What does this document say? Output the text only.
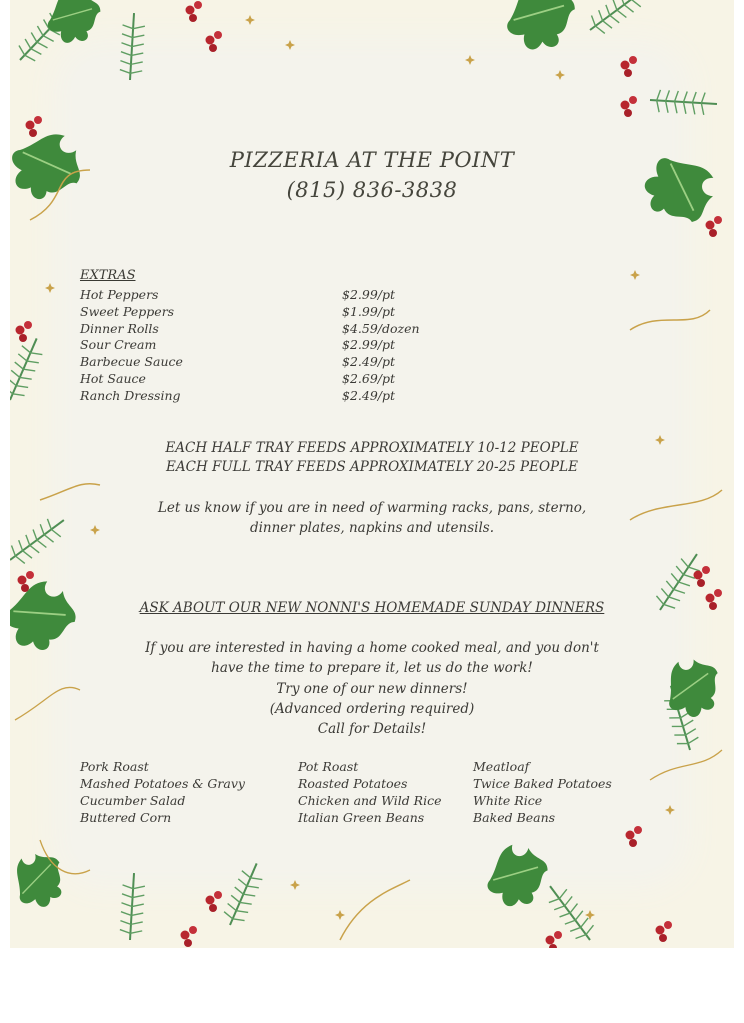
PIZZERIA AT THE POINT
(815) 836-3838
EXTRAS
Hot Peppers	$2.99/pt
Sweet Peppers	$1.99/pt
Dinner Rolls	$4.59/dozen
Sour Cream	$2.99/pt
Barbecue Sauce	$2.49/pt
Hot Sauce	$2.69/pt
Ranch Dressing	$2.49/pt
EACH HALF TRAY FEEDS APPROXIMATELY 10-12 PEOPLE
EACH FULL TRAY FEEDS APPROXIMATELY 20-25 PEOPLE
Let us know if you are in need of warming racks, pans, sterno,
dinner plates, napkins and utensils.
ASK ABOUT OUR NEW NONNI'S HOMEMADE SUNDAY DINNERS
If you are interested in having a home cooked meal, and you don't
have the time to prepare it, let us do the work!
Try one of our new dinners!
(Advanced ordering required)
Call for Details!
Pork Roast
Mashed Potatoes & Gravy
Cucumber Salad
Buttered Corn
Pot Roast
Roasted Potatoes
Chicken and Wild Rice
Italian Green Beans
Meatloaf
Twice Baked Potatoes
White Rice
Baked Beans
